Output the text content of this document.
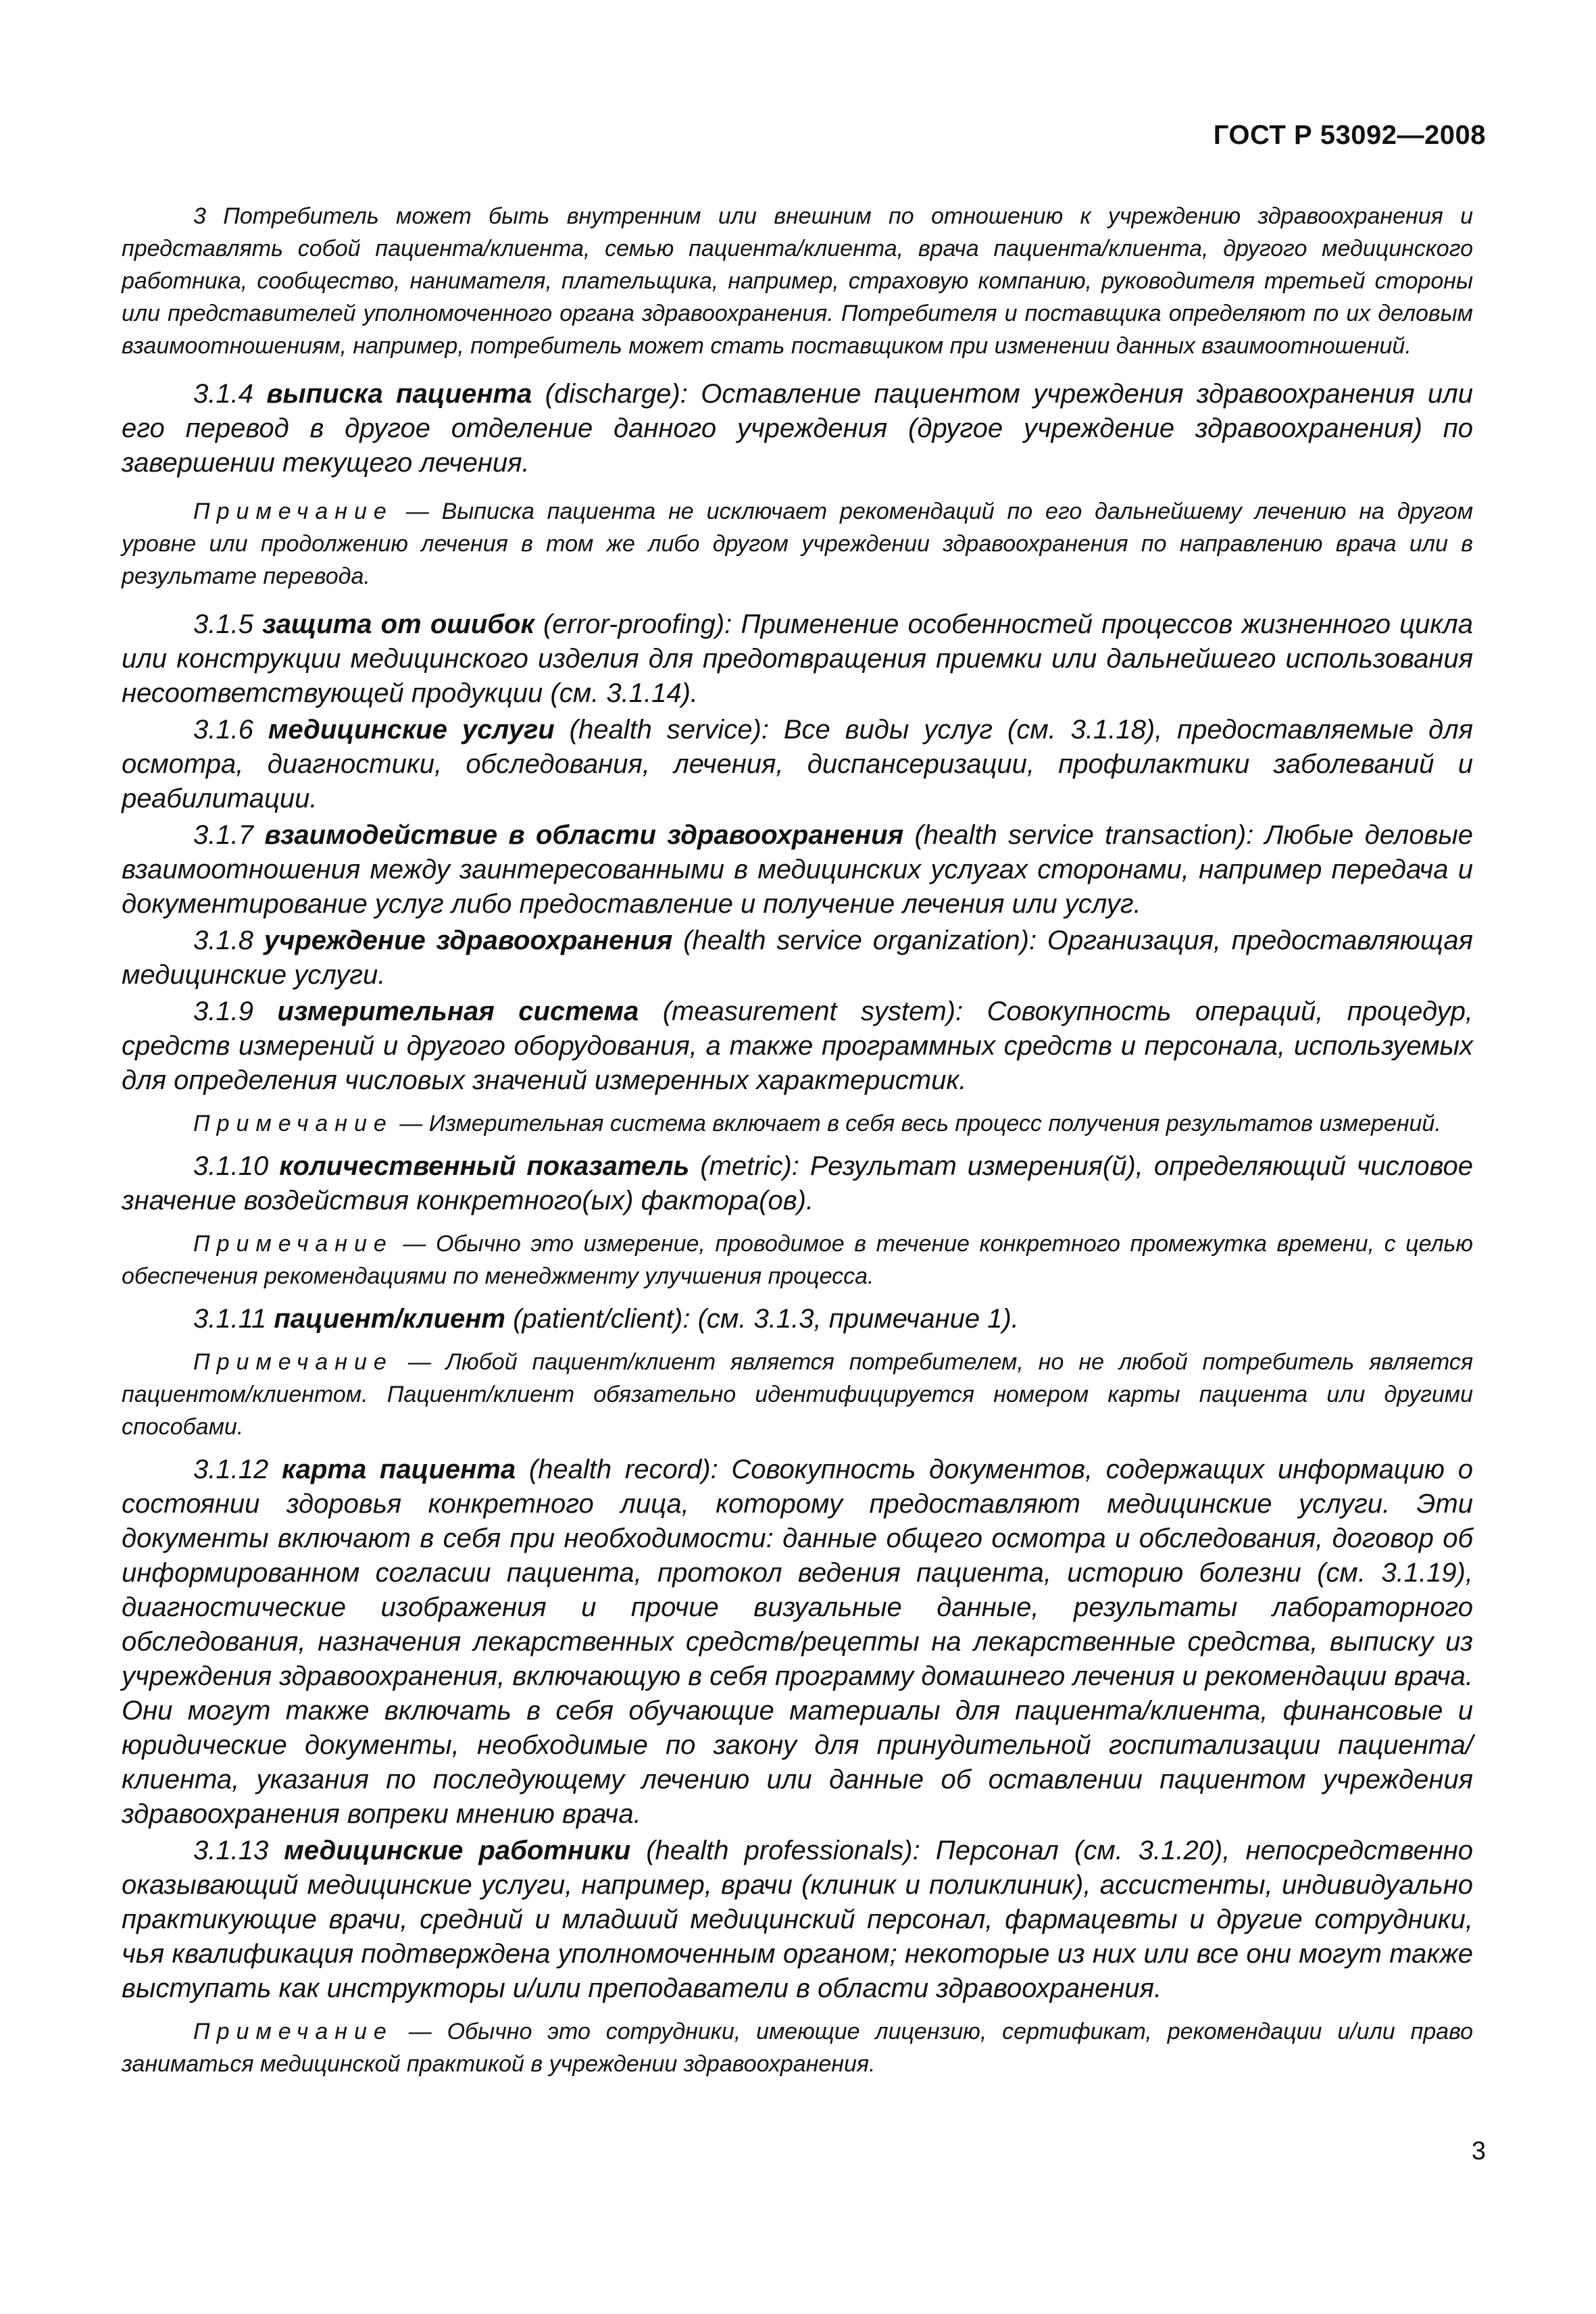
ГОСТ Р 53092—2008

3 Потребитель может быть внутренним или внешним по отношению к учреждению здравоохранения и представлять собой пациента/клиента, семью пациента/клиента, врача пациента/клиента, другого медицинского работника, сообщество, нанимателя, плательщика, например, страховую компанию, руководителя третьей стороны или представителей уполномоченного органа здравоохранения. Потребителя и поставщика определяют по их деловым взаимоотношениям, например, потребитель может стать поставщиком при изменении данных взаимоотношений.

3.1.4 выписка пациента (discharge): Оставление пациентом учреждения здравоохранения или его перевод в другое отделение данного учреждения (другое учреждение здравоохранения) по завершении текущего лечения.

Примечание — Выписка пациента не исключает рекомендаций по его дальнейшему лечению на другом уровне или продолжению лечения в том же либо другом учреждении здравоохранения по направлению врача или в результате перевода.

3.1.5 защита от ошибок (error-proofing): Применение особенностей процессов жизненного цикла или конструкции медицинского изделия для предотвращения приемки или дальнейшего использования несоответствующей продукции (см. 3.1.14).

3.1.6 медицинские услуги (health service): Все виды услуг (см. 3.1.18), предоставляемые для осмотра, диагностики, обследования, лечения, диспансеризации, профилактики заболеваний и реабилитации.

3.1.7 взаимодействие в области здравоохранения (health service transaction): Любые деловые взаимоотношения между заинтересованными в медицинских услугах сторонами, например передача и документирование услуг либо предоставление и получение лечения или услуг.

3.1.8 учреждение здравоохранения (health service organization): Организация, предоставляющая медицинские услуги.

3.1.9 измерительная система (measurement system): Совокупность операций, процедур, средств измерений и другого оборудования, а также программных средств и персонала, используемых для определения числовых значений измеренных характеристик.

Примечание — Измерительная система включает в себя весь процесс получения результатов измерений.

3.1.10 количественный показатель (metric): Результат измерения(й), определяющий числовое значение воздействия конкретного(ых) фактора(ов).

Примечание — Обычно это измерение, проводимое в течение конкретного промежутка времени, с целью обеспечения рекомендациями по менеджменту улучшения процесса.

3.1.11 пациент/клиент (patient/client): (см. 3.1.3, примечание 1).

Примечание — Любой пациент/клиент является потребителем, но не любой потребитель является пациентом/клиентом. Пациент/клиент обязательно идентифицируется номером карты пациента или другими способами.

3.1.12 карта пациента (health record): Совокупность документов, содержащих информацию о состоянии здоровья конкретного лица, которому предоставляют медицинские услуги. Эти документы включают в себя при необходимости: данные общего осмотра и обследования, договор об информированном согласии пациента, протокол ведения пациента, историю болезни (см. 3.1.19), диагностические изображения и прочие визуальные данные, результаты лабораторного обследования, назначения лекарственных средств/рецепты на лекарственные средства, выписку из учреждения здравоохранения, включающую в себя программу домашнего лечения и рекомендации врача. Они могут также включать в себя обучающие материалы для пациента/клиента, финансовые и юридические документы, необходимые по закону для принудительной госпитализации пациента/клиента, указания по последующему лечению или данные об оставлении пациентом учреждения здравоохранения вопреки мнению врача.

3.1.13 медицинские работники (health professionals): Персонал (см. 3.1.20), непосредственно оказывающий медицинские услуги, например, врачи (клиник и поликлиник), ассистенты, индивидуально практикующие врачи, средний и младший медицинский персонал, фармацевты и другие сотрудники, чья квалификация подтверждена уполномоченным органом; некоторые из них или все они могут также выступать как инструкторы и/или преподаватели в области здравоохранения.

Примечание — Обычно это сотрудники, имеющие лицензию, сертификат, рекомендации и/или право заниматься медицинской практикой в учреждении здравоохранения.

3
